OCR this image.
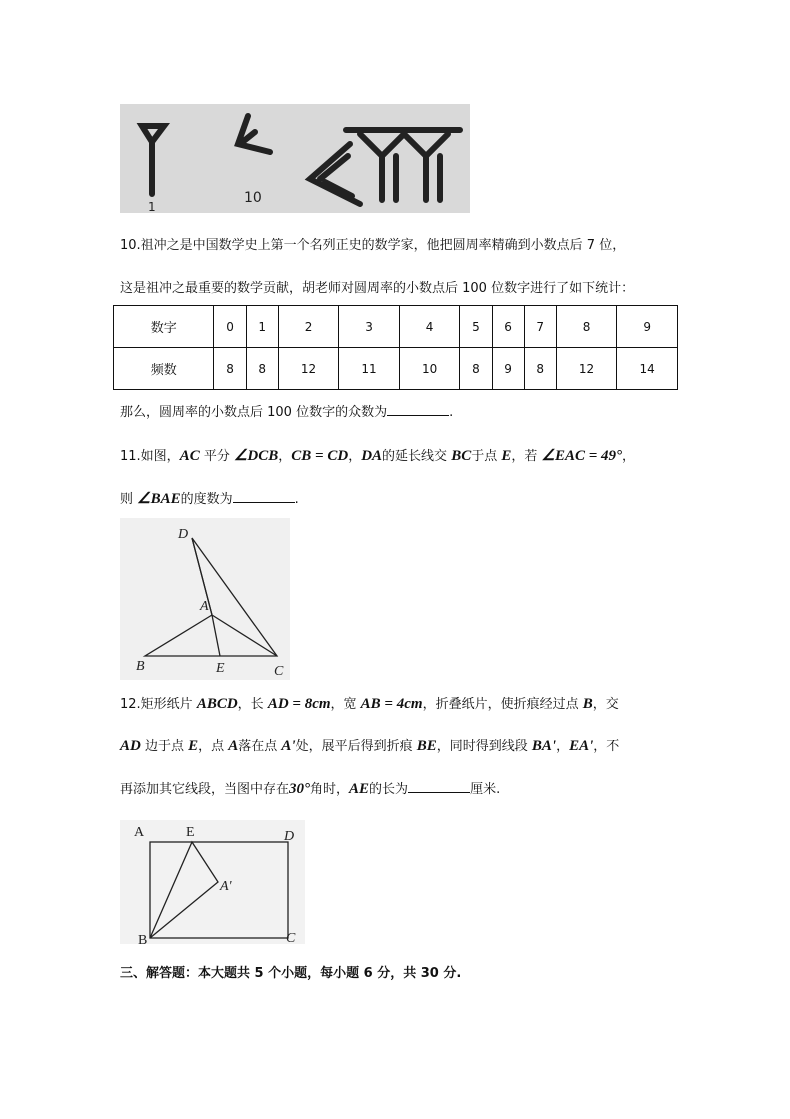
1
10
10.祖冲之是中国数学史上第一个名列正史的数学家，他把圆周率精确到小数点后 7 位，
这是祖冲之最重要的数学贡献，胡老师对圆周率的小数点后 100 位数字进行了如下统计：
数字	0	1	2	3	4	5	6	7	8	9
频数	8	8	12	11	10	8	9	8	12	14
那么，圆周率的小数点后 100 位数字的众数为	.
11.如图，AC 平分 ∠DCB，CB = CD，DA的延长线交 BC于点 E，若 ∠EAC = 49°，
则 ∠BAE的度数为	.
D
A
B	E	C
12.矩形纸片 ABCD，长 AD = 8cm，宽 AB = 4cm，折叠纸片，使折痕经过点 B，交
AD 边于点 E，点 A落在点 A'处，展平后得到折痕 BE，同时得到线段 BA'，EA'，不
再添加其它线段，当图中存在30°角时，AE的长为	厘米.
A	E	D
A'
B	C
三、解答题：本大题共 5 个小题，每小题 6 分，共 30 分.
